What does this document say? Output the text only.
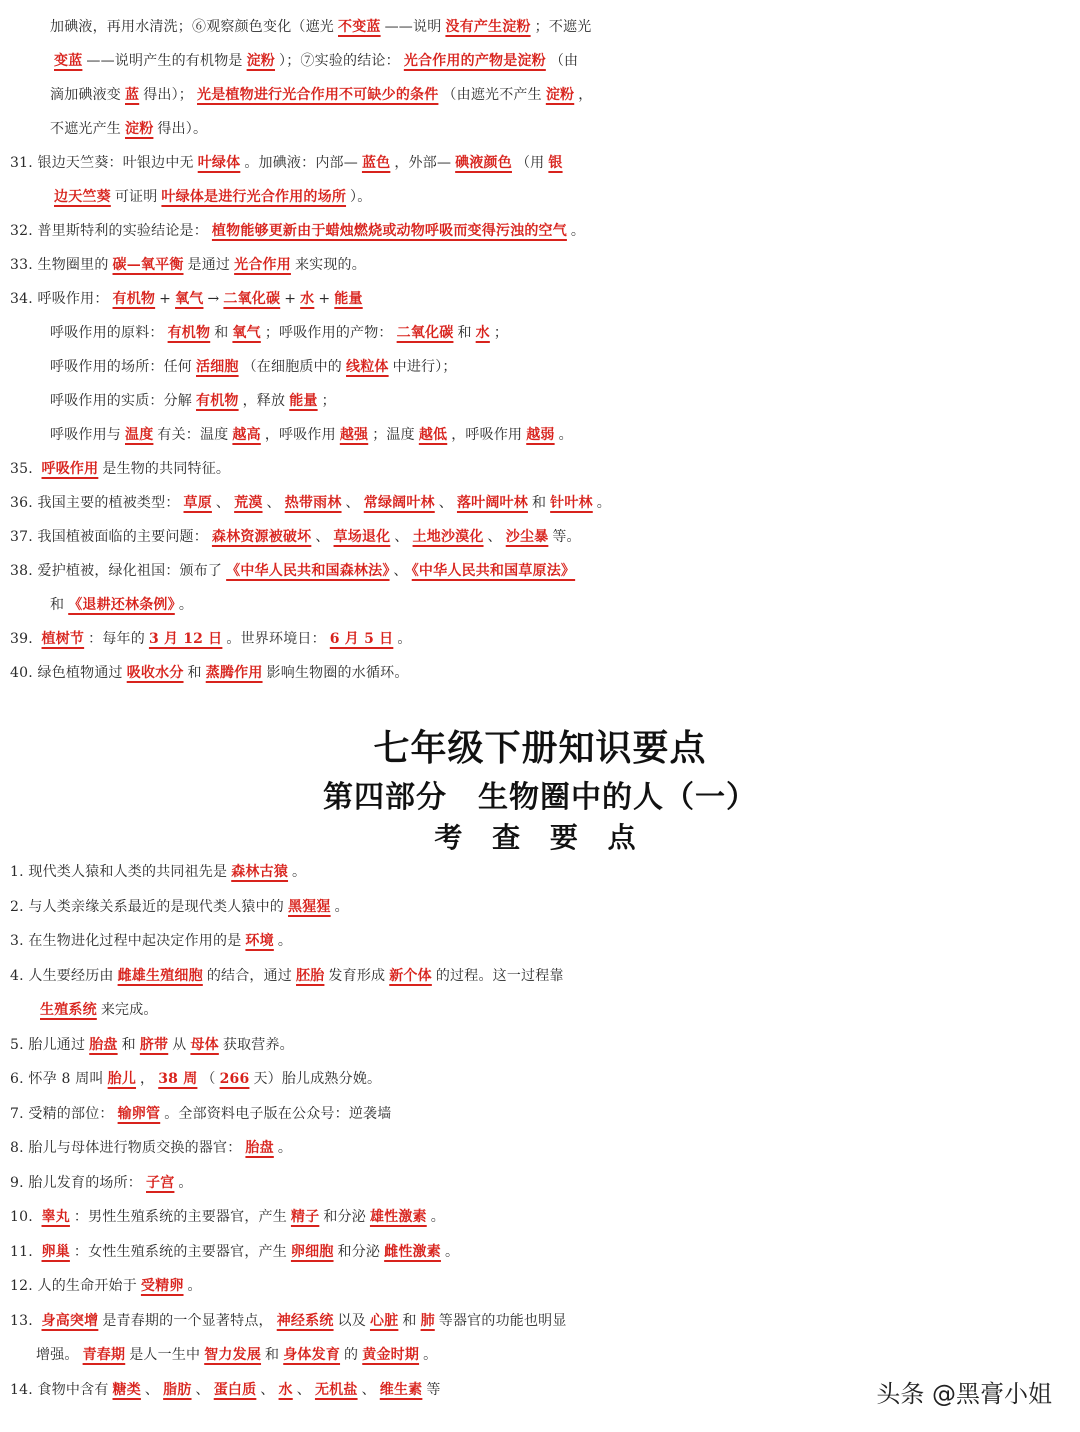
加碘液，再用水清洗；⑥观察颜色变化（遮光 不变蓝 ——说明 没有产生淀粉 ；不遮光
变蓝 ——说明产生的有机物是 淀粉 ）；⑦实验的结论： 光合作用的产物是淀粉 （由
滴加碘液变 蓝 得出）； 光是植物进行光合作用不可缺少的条件 （由遮光不产生 淀粉 ，
不遮光产生 淀粉 得出）。
31. 银边天竺葵：叶银边中无 叶绿体 。加碘液：内部— 蓝色 ，外部— 碘液颜色 （用 银
边天竺葵 可证明 叶绿体是进行光合作用的场所 ）。
32. 普里斯特利的实验结论是： 植物能够更新由于蜡烛燃烧或动物呼吸而变得污浊的空气 。
33. 生物圈里的 碳—氧平衡 是通过 光合作用 来实现的。
34. 呼吸作用： 有机物 + 氧气 → 二氧化碳 + 水 + 能量
呼吸作用的原料： 有机物 和 氧气 ；呼吸作用的产物： 二氧化碳 和 水 ；
呼吸作用的场所：任何 活细胞 （在细胞质中的 线粒体 中进行）；
呼吸作用的实质：分解 有机物 ，释放 能量 ；
呼吸作用与 温度 有关：温度 越高 ，呼吸作用 越强 ；温度 越低 ，呼吸作用 越弱 。
35. 呼吸作用 是生物的共同特征。
36. 我国主要的植被类型： 草原 、 荒漠 、 热带雨林 、 常绿阔叶林 、 落叶阔叶林 和 针叶林 。
37. 我国植被面临的主要问题： 森林资源被破坏 、 草场退化 、 土地沙漠化 、 沙尘暴 等。
38. 爱护植被，绿化祖国：颁布了 《中华人民共和国森林法》 、 《中华人民共和国草原法》
和 《退耕还林条例》 。
39. 植树节 ：每年的 3 月 12 日 。世界环境日： 6 月 5 日 。
40. 绿色植物通过 吸收水分 和 蒸腾作用 影响生物圈的水循环。
七年级下册知识要点
第四部分　生物圈中的人（一）
考 查 要 点
1. 现代类人猿和人类的共同祖先是 森林古猿 。
2. 与人类亲缘关系最近的是现代类人猿中的 黑猩猩 。
3. 在生物进化过程中起决定作用的是 环境 。
4. 人生要经历由 雌雄生殖细胞 的结合，通过 胚胎 发育形成 新个体 的过程。这一过程靠
生殖系统 来完成。
5. 胎儿通过 胎盘 和 脐带 从 母体 获取营养。
6. 怀孕 8 周叫 胎儿 ， 38 周 （ 266 天）胎儿成熟分娩。
7. 受精的部位： 输卵管 。全部资料电子版在公众号：逆袭墙
8. 胎儿与母体进行物质交换的器官： 胎盘 。
9. 胎儿发育的场所： 子宫 。
10. 睾丸 ：男性生殖系统的主要器官，产生 精子 和分泌 雄性激素 。
11. 卵巢 ：女性生殖系统的主要器官，产生 卵细胞 和分泌 雌性激素 。
12. 人的生命开始于 受精卵 。
13. 身高突增 是青春期的一个显著特点， 神经系统 以及 心脏 和 肺 等器官的功能也明显
增强。 青春期 是人一生中 智力发展 和 身体发育 的 黄金时期 。
14. 食物中含有 糖类 、 脂肪 、 蛋白质 、 水 、 无机盐 、 维生素 等	头条 @黑膏小姐
